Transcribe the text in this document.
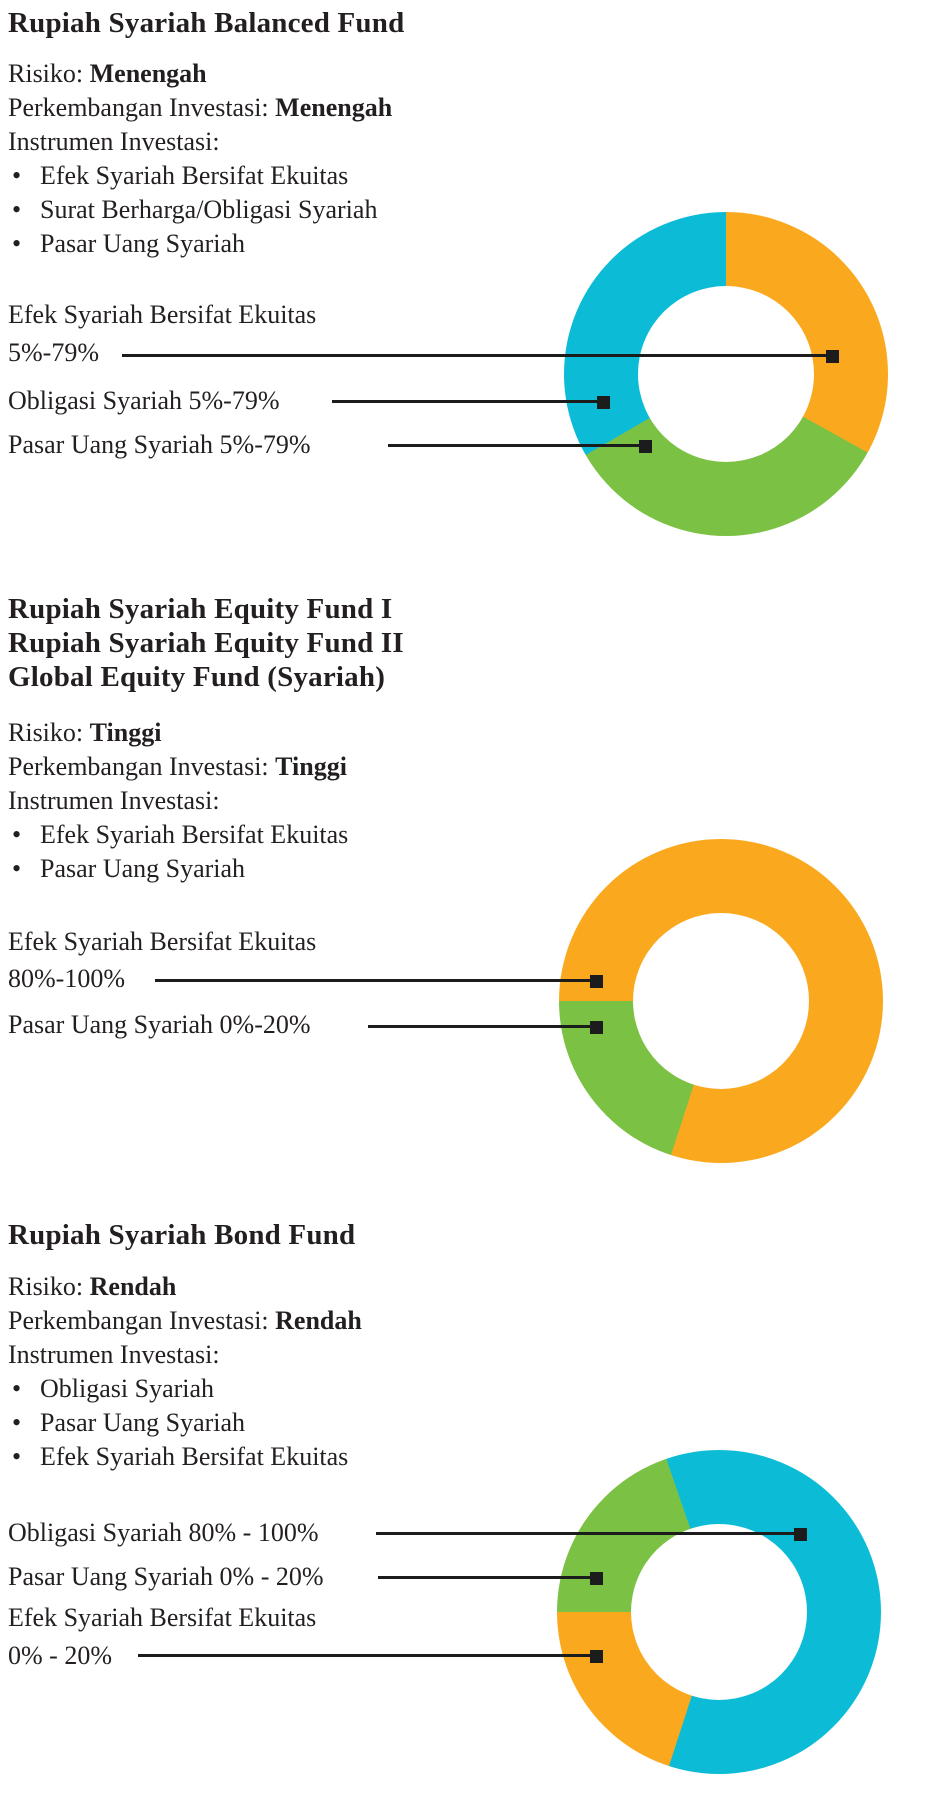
Rupiah Syariah Balanced Fund
Risiko: Menengah
Perkembangan Investasi: Menengah
Instrumen Investasi:
• Efek Syariah Bersifat Ekuitas
• Surat Berharga/Obligasi Syariah
• Pasar Uang Syariah
Efek Syariah Bersifat Ekuitas
5%-79%
Obligasi Syariah 5%-79%
Pasar Uang Syariah 5%-79%
Rupiah Syariah Equity Fund I
Rupiah Syariah Equity Fund II
Global Equity Fund (Syariah)
Risiko: Tinggi
Perkembangan Investasi: Tinggi
Instrumen Investasi:
• Efek Syariah Bersifat Ekuitas
• Pasar Uang Syariah
Efek Syariah Bersifat Ekuitas
80%-100%
Pasar Uang Syariah 0%-20%
Rupiah Syariah Bond Fund
Risiko: Rendah
Perkembangan Investasi: Rendah
Instrumen Investasi:
• Obligasi Syariah
• Pasar Uang Syariah
• Efek Syariah Bersifat Ekuitas
Obligasi Syariah 80% - 100%
Pasar Uang Syariah 0% - 20%
Efek Syariah Bersifat Ekuitas
0% - 20%
